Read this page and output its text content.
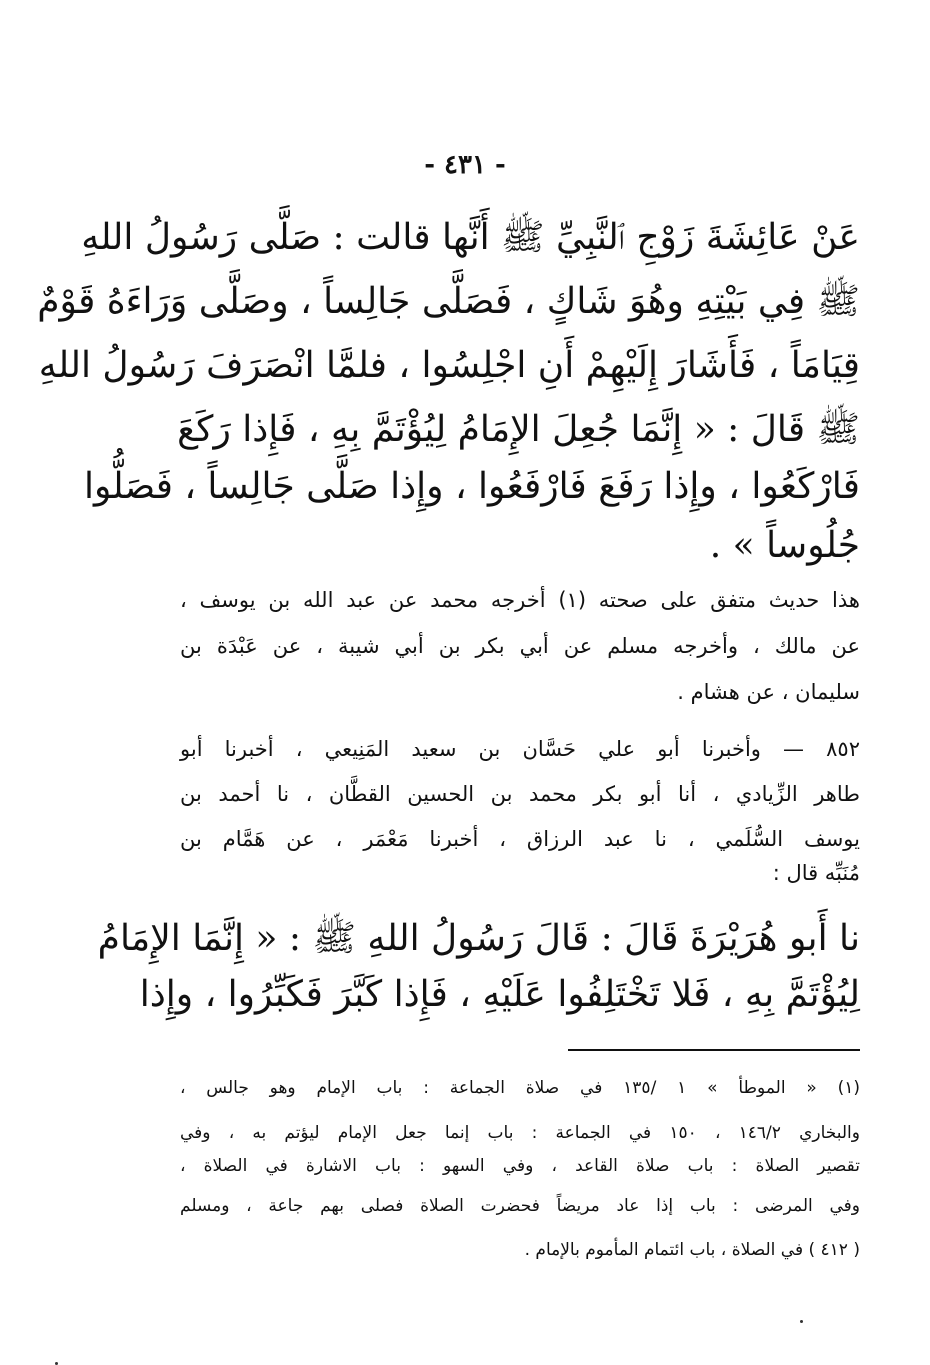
- ٤٣١ -
عَنْ عَائِشَةَ زَوْجِ ٱلنَّبِيِّ ﷺ أَنَّها قالت : صَلَّى رَسُولُ اللهِ
ﷺ فِي بَيْتِهِ وهُوَ شَاكٍ ، فَصَلَّى جَالِساً ، وصَلَّى وَرَاءَهُ قَوْمٌ
قِيَامَاً ، فَأَشَارَ إِلَيْهِمْ أَنِ اجْلِسُوا ، فلمَّا انْصَرَفَ رَسُولُ اللهِ
ﷺ قَالَ : « إِنَّمَا جُعِلَ الإِمَامُ لِيُؤْتَمَّ بِهِ ، فَإِذا رَكَعَ
فَارْكَعُوا ، وإِذا رَفَعَ فَارْفَعُوا ، وإِذا صَلَّى جَالِساً ، فَصَلُّوا
جُلُوساً » .
هذا حديث متفق على صحته (١) أخرجه محمد عن عبد الله بن يوسف ،
عن مالك ، وأخرجه مسلم عن أبي بكر بن أبي شيبة ، عن عَبْدَة بن
سليمان ، عن هشام .
٨٥٢ — وأخبرنا أبو علي حَسَّان بن سعيد المَنِيعي ، أخبرنا أبو
طاهر الزِّيادي ، أنا أبو بكر محمد بن الحسين القطَّان ، نا أحمد بن
يوسف السُّلَمي ، نا عبد الرزاق ، أخبرنا مَعْمَر ، عن هَمَّام بن
مُنَبِّه قال :
نا أَبو هُرَيْرَةَ قَالَ : قَالَ رَسُولُ اللهِ ﷺ : « إِنَّمَا الإِمَامُ
لِيُؤْتَمَّ بِهِ ، فَلا تَخْتَلِفُوا عَلَيْهِ ، فَإِذا كَبَّرَ فَكَبِّرُوا ، وإِذا
(١) « الموطأ » ١ /١٣٥ في صلاة الجماعة : باب الإمام وهو جالس ،
والبخاري ١٤٦/٢ ، ١٥٠ في الجماعة : باب إنما جعل الإمام ليؤتم به ، وفي
تقصير الصلاة : باب صلاة القاعد ، وفي السهو : باب الاشارة في الصلاة ،
وفي المرضى : باب إذا عاد مريضاً فحضرت الصلاة فصلى بهم جاعة ، ومسلم
( ٤١٢ ) في الصلاة ، باب ائتمام المأموم بالإمام .
